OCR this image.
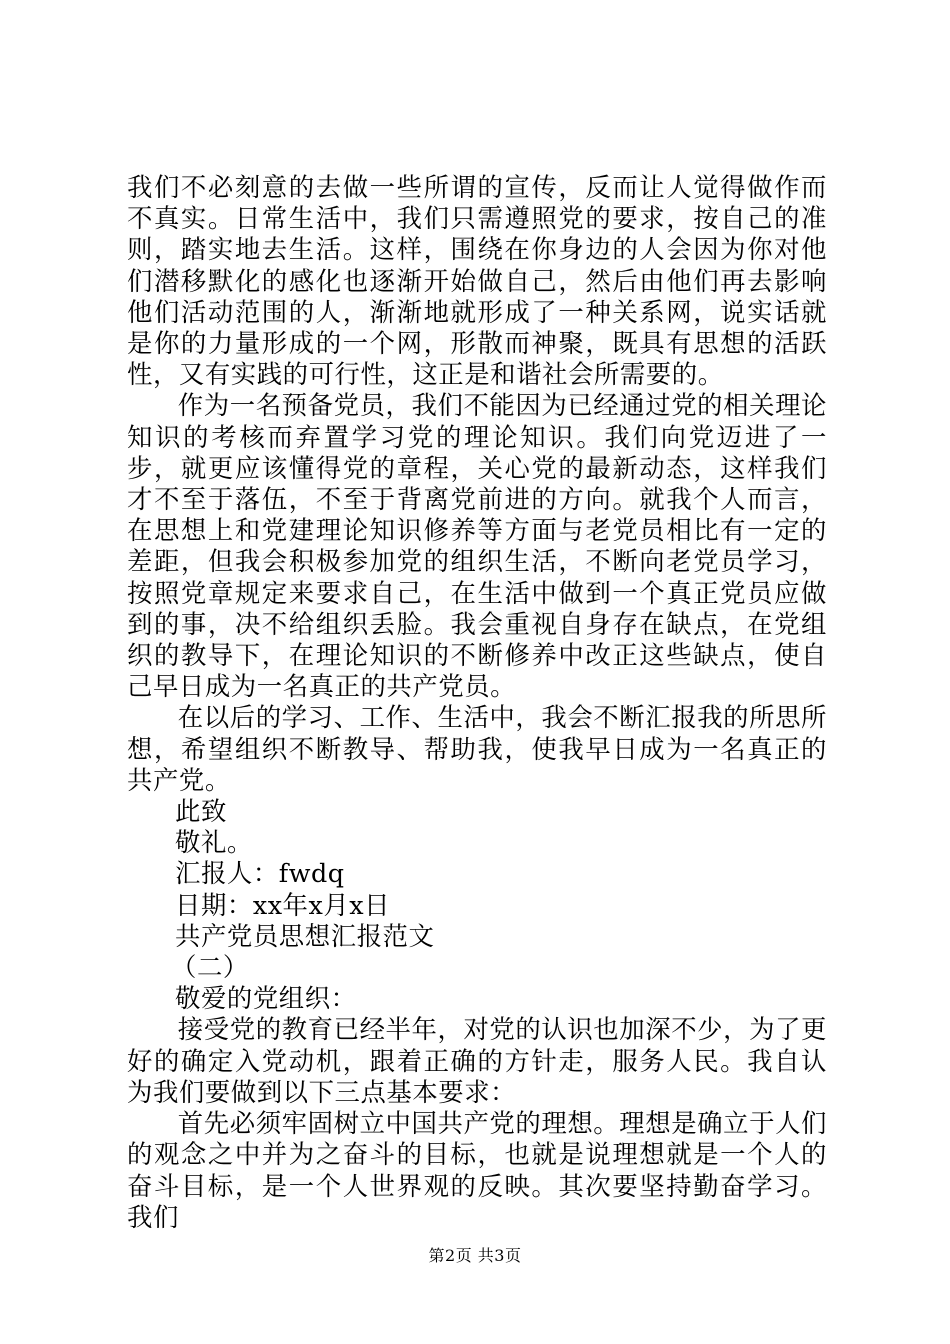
我们不必刻意的去做一些所谓的宣传，反而让人觉得做作而不真实。日常生活中，我们只需遵照党的要求，按自己的准则，踏实地去生活。这样，围绕在你身边的人会因为你对他们潜移默化的感化也逐渐开始做自己，然后由他们再去影响他们活动范围的人，渐渐地就形成了一种关系网，说实话就是你的力量形成的一个网，形散而神聚，既具有思想的活跃性，又有实践的可行性，这正是和谐社会所需要的。

作为一名预备党员，我们不能因为已经通过党的相关理论知识的考核而弃置学习党的理论知识。我们向党迈进了一步，就更应该懂得党的章程，关心党的最新动态，这样我们才不至于落伍，不至于背离党前进的方向。就我个人而言，在思想上和党建理论知识修养等方面与老党员相比有一定的差距，但我会积极参加党的组织生活，不断向老党员学习，按照党章规定来要求自己，在生活中做到一个真正党员应做到的事，决不给组织丢脸。我会重视自身存在缺点，在党组织的教导下，在理论知识的不断修养中改正这些缺点，使自己早日成为一名真正的共产党员。

在以后的学习、工作、生活中，我会不断汇报我的所思所想，希望组织不断教导、帮助我，使我早日成为一名真正的共产党。

此致

敬礼。

汇报人：fwdq

日期：xx年x月x日

共产党员思想汇报范文

（二）

敬爱的党组织：

接受党的教育已经半年，对党的认识也加深不少，为了更好的确定入党动机，跟着正确的方针走，服务人民。我自认为我们要做到以下三点基本要求：

首先必须牢固树立中国共产党的理想。理想是确立于人们的观念之中并为之奋斗的目标，也就是说理想就是一个人的奋斗目标，是一个人世界观的反映。其次要坚持勤奋学习。我们

第2页 共3页
